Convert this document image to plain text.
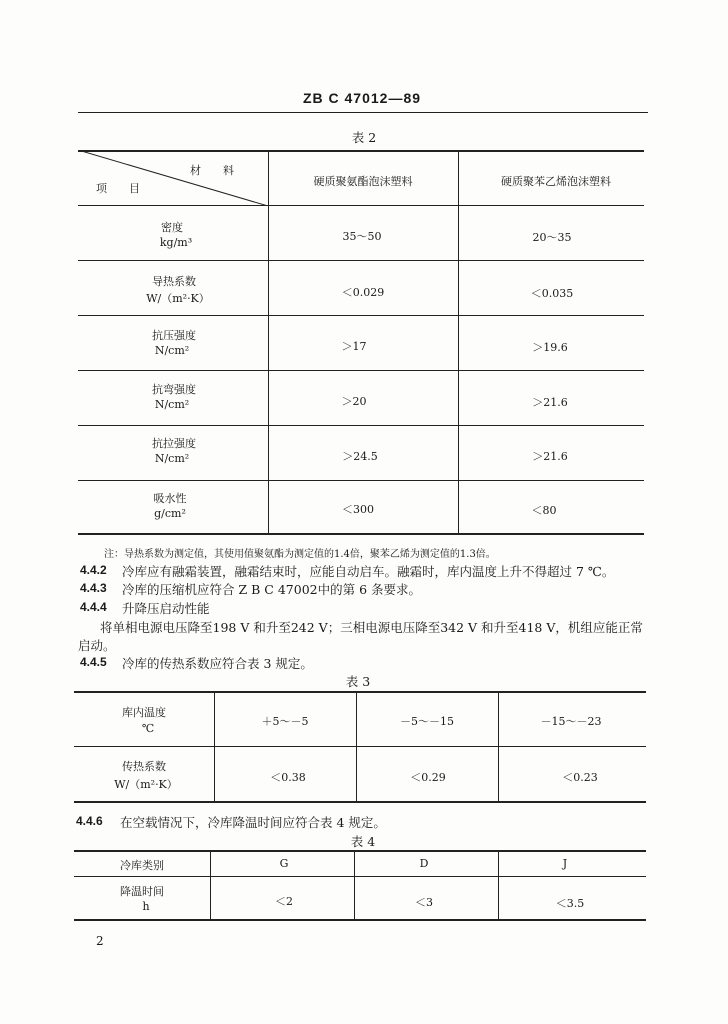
ZB C 47012—89
表 2
材　　料
项　　目
硬质聚氨酯泡沫塑料	硬质聚苯乙烯泡沫塑料
密度
kg/m³	35～50	20～35
导热系数
W/（m²·K）	＜0.029	＜0.035
抗压强度
N/cm²	＞17	＞19.6
抗弯强度
N/cm²	＞20	＞21.6
抗拉强度
N/cm²	＞24.5	＞21.6
吸水性
g/cm²	＜300	＜80
注：导热系数为测定值，其使用值聚氨酯为测定值的1.4倍，聚苯乙烯为测定值的1.3倍。
4.4.2 冷库应有融霜装置，融霜结束时，应能自动启车。融霜时，库内温度上升不得超过 7 ℃。
4.4.3 冷库的压缩机应符合 Z B C 47002中的第 6 条要求。
4.4.4 升降压启动性能
将单相电源电压降至198 V 和升至242 V；三相电源电压降至342 V 和升至418 V，机组应能正常
启动。
4.4.5 冷库的传热系数应符合表 3 规定。
表 3
库内温度
℃
＋5～－5	－5～－15	－15～－23
传热系数
W/（m²·K）
＜0.38	＜0.29	＜0.23
4.4.6 在空载情况下，冷库降温时间应符合表 4 规定。
表 4
冷库类别	G	D	J
降温时间
h	＜2	＜3	＜3.5
2
